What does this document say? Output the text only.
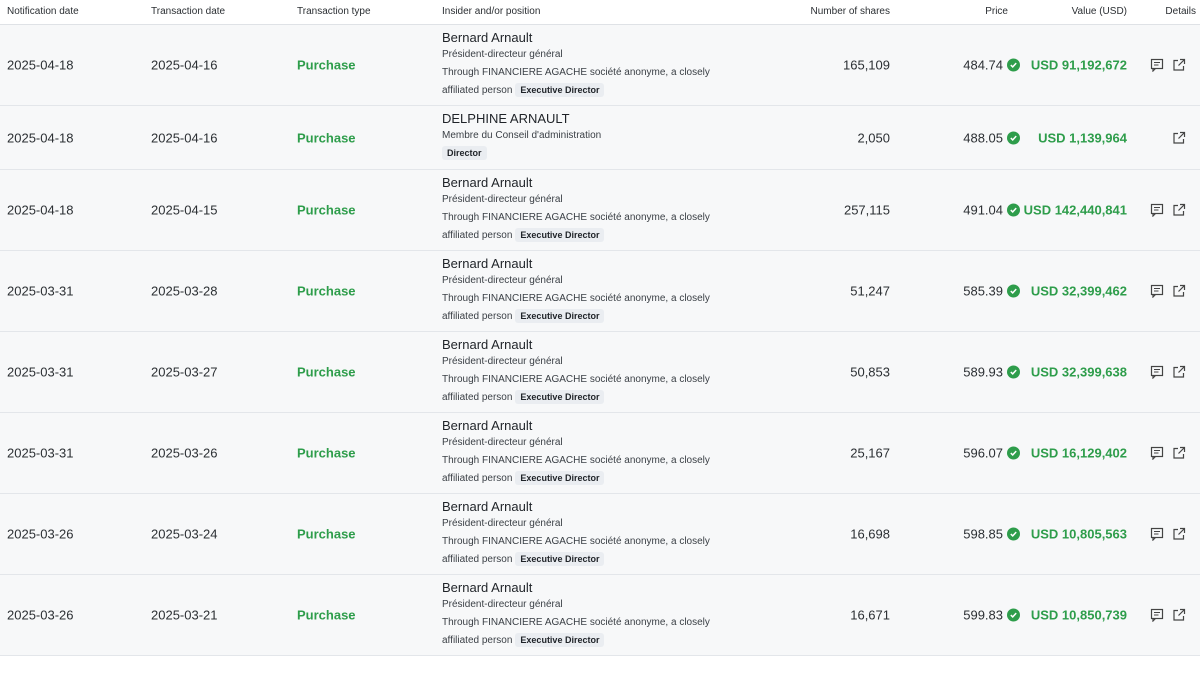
Notification date	Transaction date	Transaction type	Insider and/or position	Number of shares	Price	Value (USD)	Details
2025-04-18	2025-04-16	Purchase
Bernard Arnault
Président-directeur général
Through FINANCIERE AGACHE société anonyme, a closely
affiliated person Executive Director
165,109	484.74 USD 91,192,672
2025-04-18	2025-04-16	Purchase
DELPHINE ARNAULT
Membre du Conseil d'administration
Director
2,050	488.05	USD 1,139,964
2025-04-18	2025-04-15	Purchase
Bernard Arnault
Président-directeur général
Through FINANCIERE AGACHE société anonyme, a closely
affiliated person Executive Director
257,115	491.04 USD 142,440,841
2025-03-31	2025-03-28	Purchase
Bernard Arnault
Président-directeur général
Through FINANCIERE AGACHE société anonyme, a closely
affiliated person Executive Director
51,247	585.39 USD 32,399,462
2025-03-31	2025-03-27	Purchase
Bernard Arnault
Président-directeur général
Through FINANCIERE AGACHE société anonyme, a closely
affiliated person Executive Director
50,853	589.93 USD 32,399,638
2025-03-31	2025-03-26	Purchase
Bernard Arnault
Président-directeur général
Through FINANCIERE AGACHE société anonyme, a closely
affiliated person Executive Director
25,167	596.07 USD 16,129,402
2025-03-26	2025-03-24	Purchase
Bernard Arnault
Président-directeur général
Through FINANCIERE AGACHE société anonyme, a closely
affiliated person Executive Director
16,698	598.85 USD 10,805,563
2025-03-26	2025-03-21	Purchase
Bernard Arnault
Président-directeur général
Through FINANCIERE AGACHE société anonyme, a closely
affiliated person Executive Director
16,671	599.83 USD 10,850,739
